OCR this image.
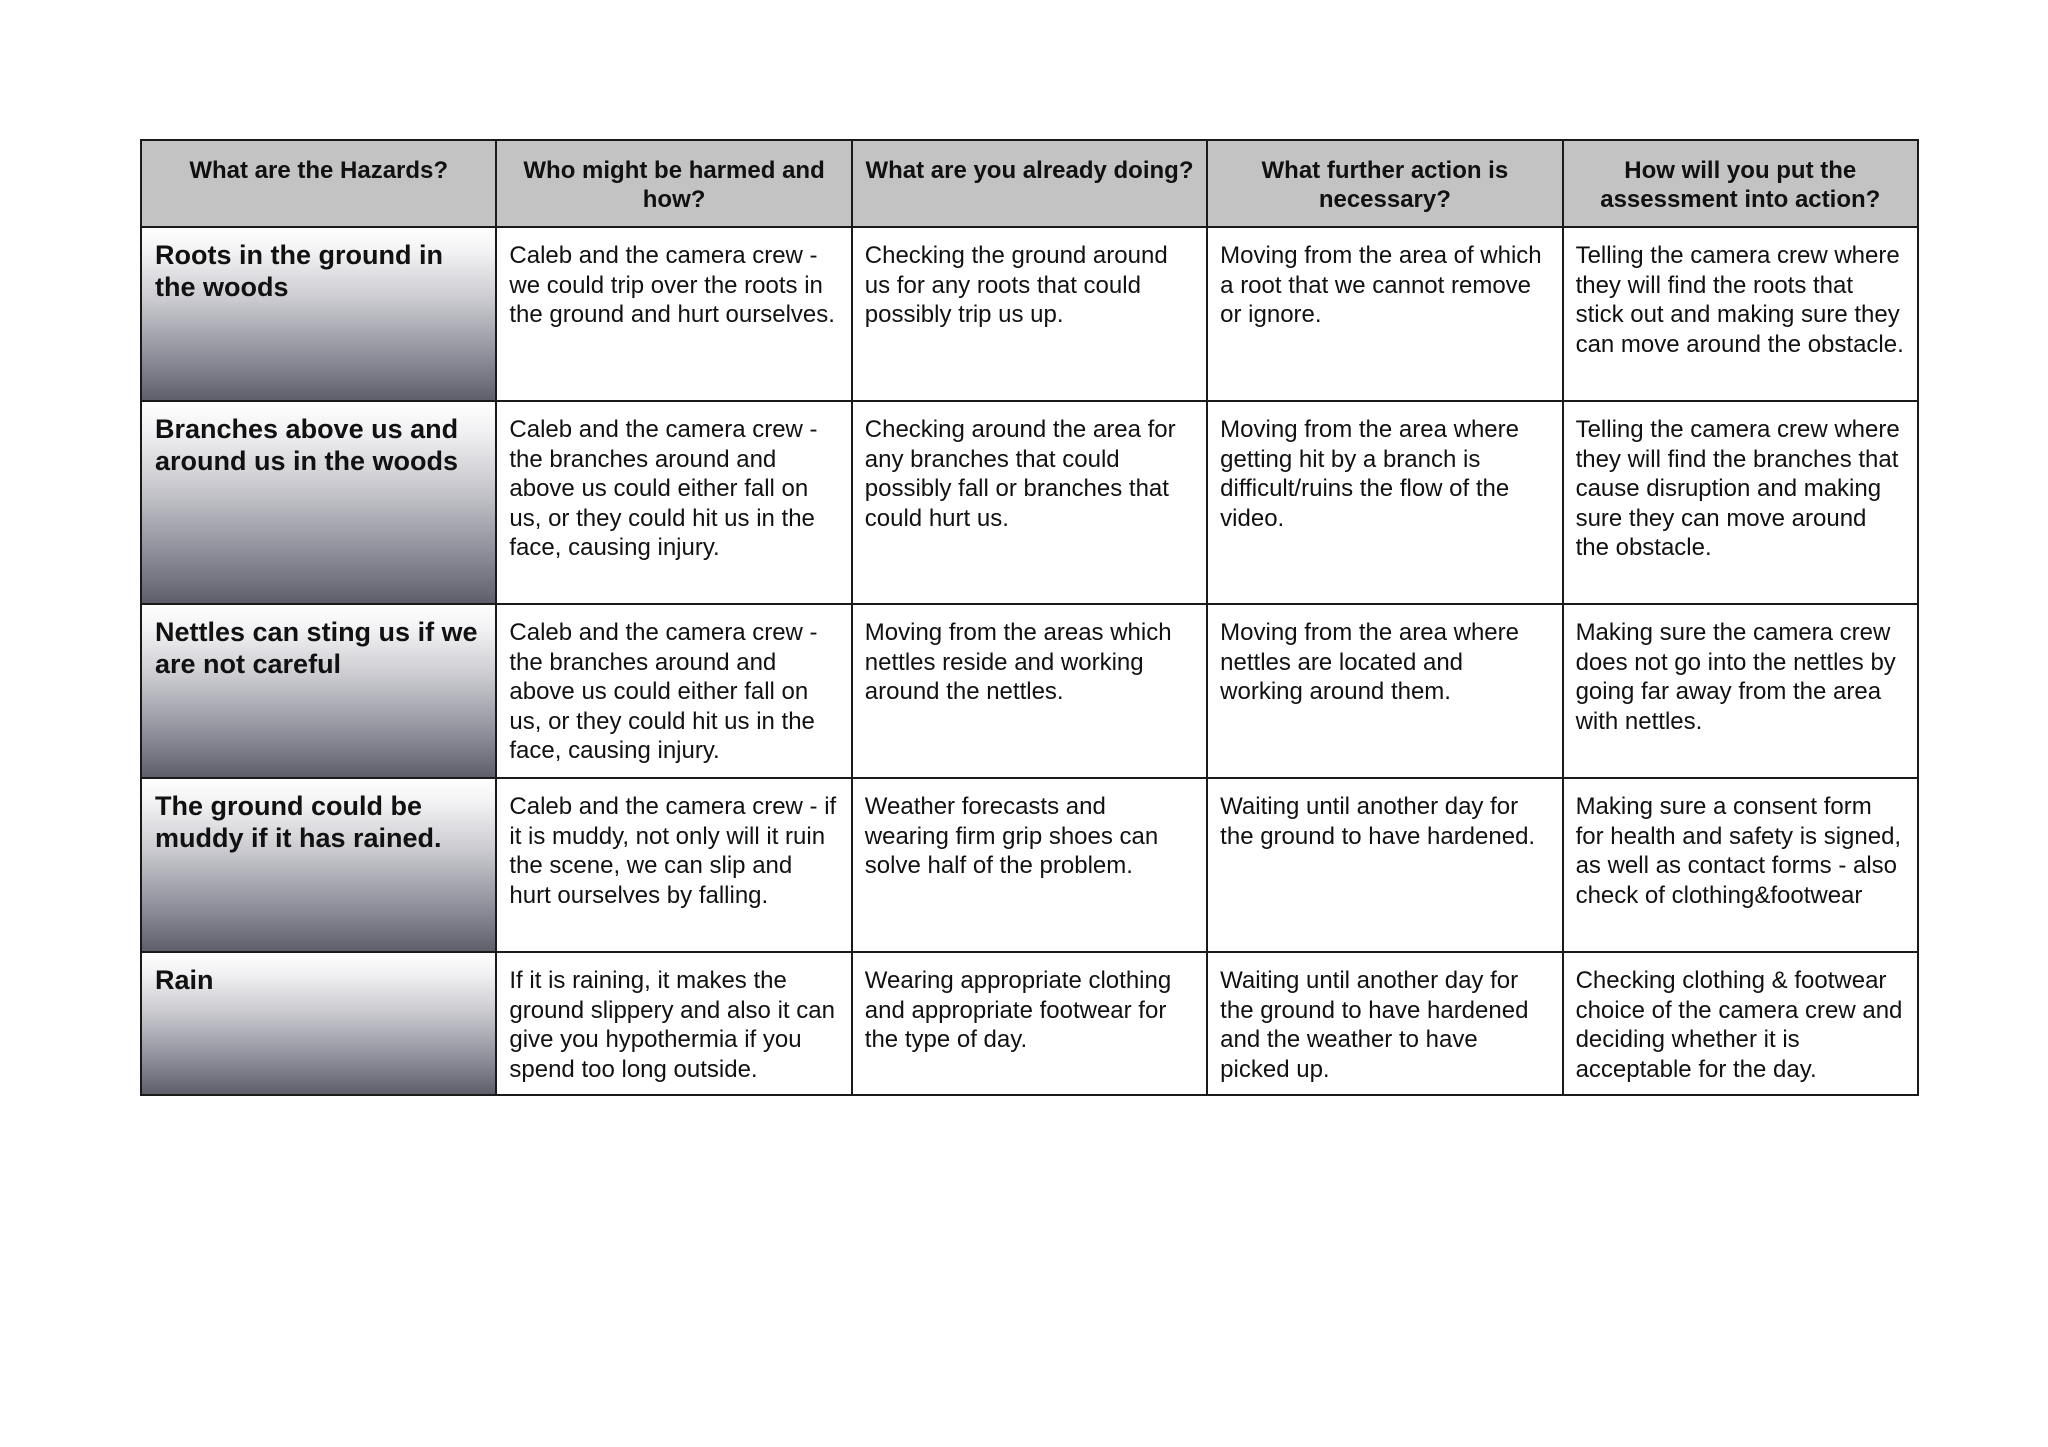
What are the Hazards?	Who might be harmed and how?	What are you already doing?	What further action is necessary?	How will you put the assessment into action?
Roots in the ground in the woods	Caleb and the camera crew - we could trip over the roots in the ground and hurt ourselves.	Checking the ground around us for any roots that could possibly trip us up.	Moving from the area of which a root that we cannot remove or ignore.	Telling the camera crew where they will find the roots that stick out and making sure they can move around the obstacle.
Branches above us and around us in the woods	Caleb and the camera crew - the branches around and above us could either fall on us, or they could hit us in the face, causing injury.	Checking around the area for any branches that could possibly fall or branches that could hurt us.	Moving from the area where getting hit by a branch is difficult/ruins the flow of the video.	Telling the camera crew where they will find the branches that cause disruption and making sure they can move around the obstacle.
Nettles can sting us if we are not careful	Caleb and the camera crew - the branches around and above us could either fall on us, or they could hit us in the face, causing injury.	Moving from the areas which nettles reside and working around the nettles.	Moving from the area where nettles are located and working around them.	Making sure the camera crew does not go into the nettles by going far away from the area with nettles.
The ground could be muddy if it has rained.	Caleb and the camera crew - if it is muddy, not only will it ruin the scene, we can slip and hurt ourselves by falling.	Weather forecasts and wearing firm grip shoes can solve half of the problem.	Waiting until another day for the ground to have hardened.	Making sure a consent form for health and safety is signed, as well as contact forms - also check of clothing&footwear
Rain	If it is raining, it makes the ground slippery and also it can give you hypothermia if you spend too long outside.	Wearing appropriate clothing and appropriate footwear for the type of day.	Waiting until another day for the ground to have hardened and the weather to have picked up.	Checking clothing & footwear choice of the camera crew and deciding whether it is acceptable for the day.
